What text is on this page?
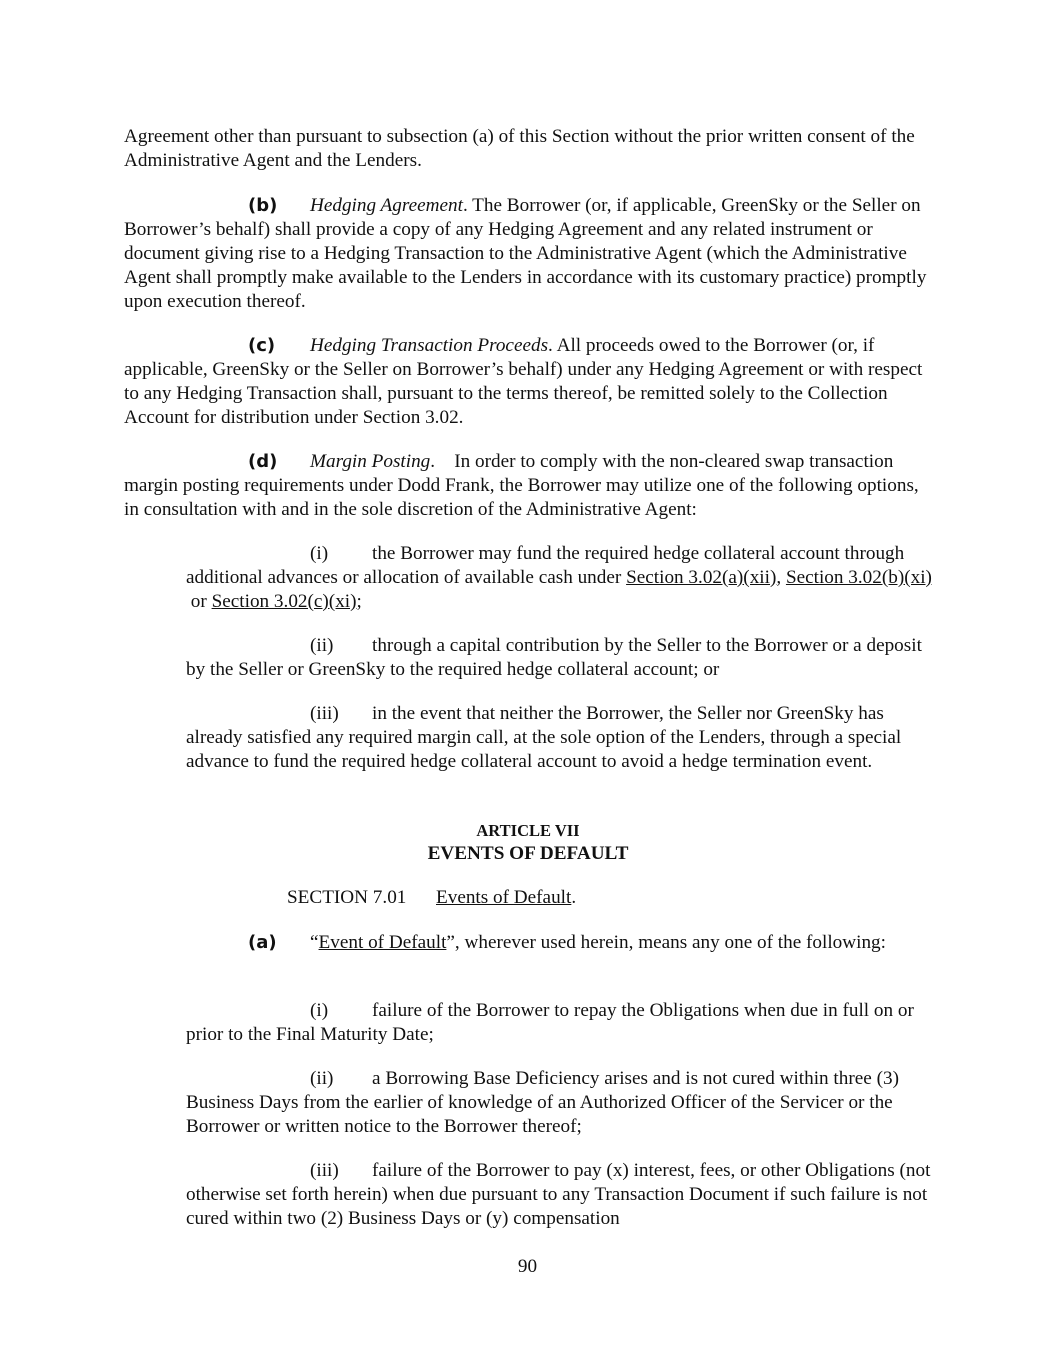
Agreement other than pursuant to subsection (a) of this Section without the prior written consent of the Administrative Agent and the Lenders.

(b) Hedging Agreement. The Borrower (or, if applicable, GreenSky or the Seller on Borrower’s behalf) shall provide a copy of any Hedging Agreement and any related instrument or document giving rise to a Hedging Transaction to the Administrative Agent (which the Administrative Agent shall promptly make available to the Lenders in accordance with its customary practice) promptly upon execution thereof.

(c) Hedging Transaction Proceeds. All proceeds owed to the Borrower (or, if applicable, GreenSky or the Seller on Borrower’s behalf) under any Hedging Agreement or with respect to any Hedging Transaction shall, pursuant to the terms thereof, be remitted solely to the Collection Account for distribution under Section 3.02.

(d) Margin Posting.    In order to comply with the non-cleared swap transaction margin posting requirements under Dodd Frank, the Borrower may utilize one of the following options, in consultation with and in the sole discretion of the Administrative Agent:

(i) the Borrower may fund the required hedge collateral account through additional advances or allocation of available cash under Section 3.02(a)(xii), Section 3.02(b)(xi) or Section 3.02(c)(xi);

(ii) through a capital contribution by the Seller to the Borrower or a deposit by the Seller or GreenSky to the required hedge collateral account; or

(iii) in the event that neither the Borrower, the Seller nor GreenSky has already satisfied any required margin call, at the sole option of the Lenders, through a special advance to fund the required hedge collateral account to avoid a hedge termination event.

ARTICLE VII

EVENTS OF DEFAULT

SECTION 7.01 Events of Default.

(a) “Event of Default”, wherever used herein, means any one of the following:

(i) failure of the Borrower to repay the Obligations when due in full on or prior to the Final Maturity Date;

(ii) a Borrowing Base Deficiency arises and is not cured within three (3) Business Days from the earlier of knowledge of an Authorized Officer of the Servicer or the Borrower or written notice to the Borrower thereof;

(iii) failure of the Borrower to pay (x) interest, fees, or other Obligations (not otherwise set forth herein) when due pursuant to any Transaction Document if such failure is not cured within two (2) Business Days or (y) compensation

90
